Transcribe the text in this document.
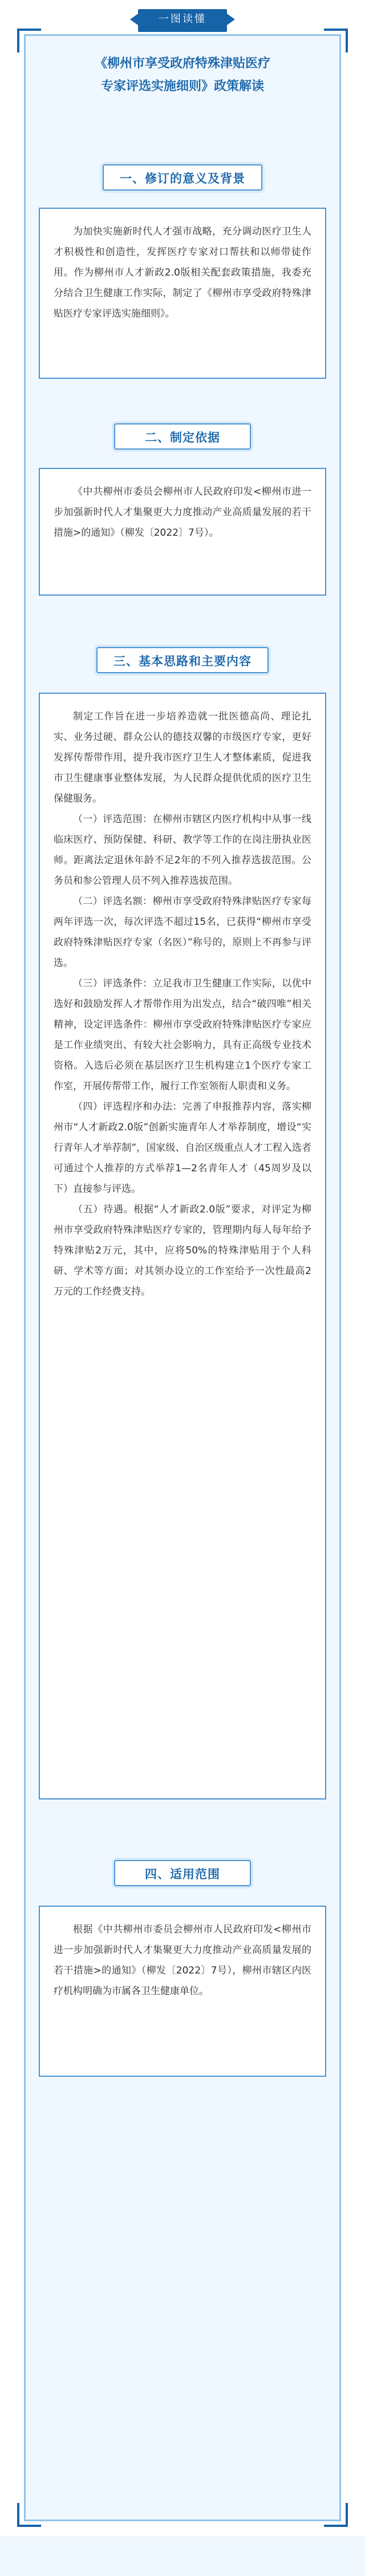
一图读懂
《柳州市享受政府特殊津贴医疗
专家评选实施细则》政策解读
一、修订的意义及背景

为加快实施新时代人才强市战略，充分调动医疗卫生人才积极性和创造性，发挥医疗专家对口帮扶和以师带徒作用。作为柳州市人才新政2.0版相关配套政策措施，我委充分结合卫生健康工作实际，制定了《柳州市享受政府特殊津贴医疗专家评选实施细则》。

二、制定依据

《中共柳州市委员会柳州市人民政府印发<柳州市进一步加强新时代人才集聚更大力度推动产业高质量发展的若干措施>的通知》（柳发〔2022〕7号）。

三、基本思路和主要内容

制定工作旨在进一步培养造就一批医德高尚、理论扎实、业务过硬、群众公认的德技双馨的市级医疗专家，更好发挥传帮带作用，提升我市医疗卫生人才整体素质，促进我市卫生健康事业整体发展，为人民群众提供优质的医疗卫生保健服务。

（一）评选范围：在柳州市辖区内医疗机构中从事一线临床医疗、预防保健、科研、教学等工作的在岗注册执业医师。距离法定退休年龄不足2年的不列入推荐选拔范围。公务员和参公管理人员不列入推荐选拔范围。

（二）评选名额：柳州市享受政府特殊津贴医疗专家每两年评选一次，每次评选不超过15名，已获得“柳州市享受政府特殊津贴医疗专家（名医）”称号的，原则上不再参与评选。

（三）评选条件：立足我市卫生健康工作实际，以优中选好和鼓励发挥人才帮带作用为出发点，结合“破四唯”相关精神，设定评选条件：柳州市享受政府特殊津贴医疗专家应是工作业绩突出、有较大社会影响力，具有正高级专业技术资格。入选后必须在基层医疗卫生机构建立1个医疗专家工作室，开展传帮带工作，履行工作室领衔人职责和义务。

（四）评选程序和办法：完善了申报推荐内容，落实柳州市“人才新政2.0版”创新实施青年人才举荐制度，增设“实行青年人才举荐制”，国家级、自治区级重点人才工程入选者可通过个人推荐的方式举荐1—2名青年人才（45周岁及以下）直接参与评选。

（五）待遇。根据“人才新政2.0版”要求，对评定为柳州市享受政府特殊津贴医疗专家的，管理期内每人每年给予特殊津贴2万元，其中，应将50%的特殊津贴用于个人科研、学术等方面；对其领办设立的工作室给予一次性最高2万元的工作经费支持。

四、适用范围

根据《中共柳州市委员会柳州市人民政府印发<柳州市进一步加强新时代人才集聚更大力度推动产业高质量发展的若干措施>的通知》（柳发〔2022〕7号），柳州市辖区内医疗机构明确为市属各卫生健康单位。
